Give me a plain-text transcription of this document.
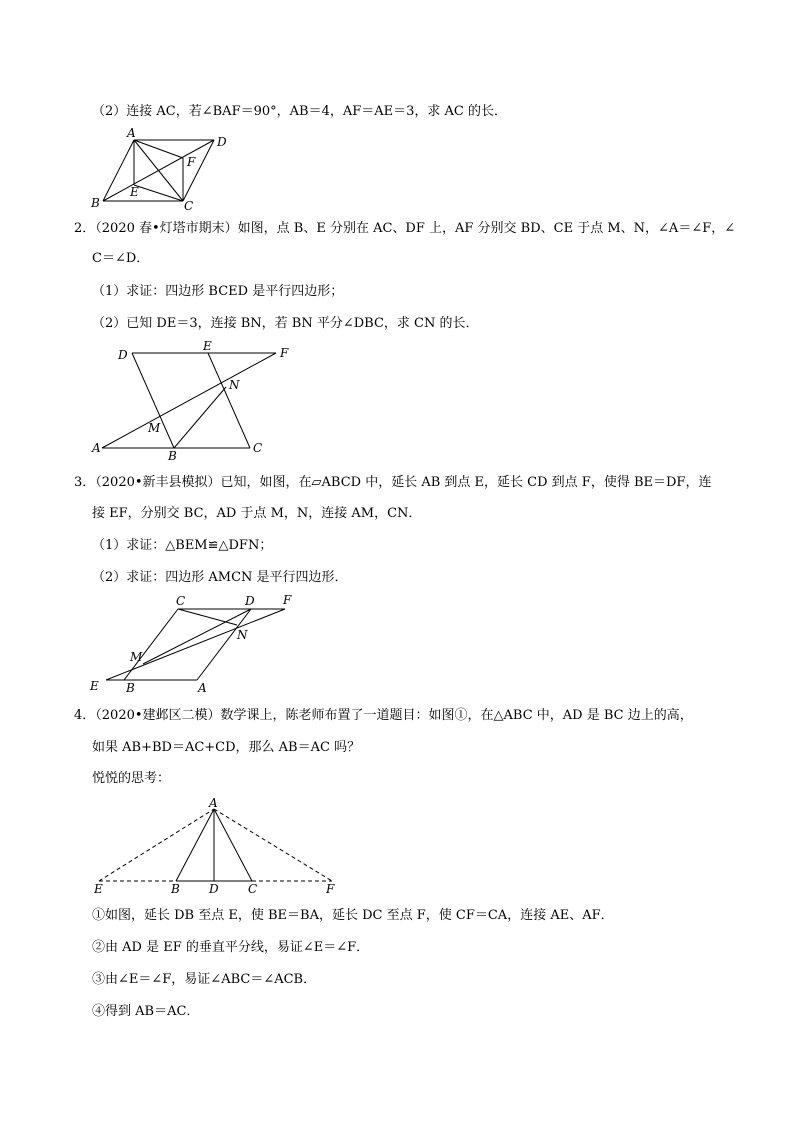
（2）连接 AC，若∠BAF＝90°，AB＝4，AF＝AE＝3，求 AC 的长．
A
D
F
E
B	C
2．（2020 春•灯塔市期末）如图，点 B、E 分别在 AC、DF 上，AF 分别交 BD、CE 于点 M、N，∠A＝∠F，∠
C＝∠D．
（1）求证：四边形 BCED 是平行四边形；
（2）已知 DE＝3，连接 BN，若 BN 平分∠DBC，求 CN 的长．
D
E	F
N
M
A
B
C
3．（2020•新丰县模拟）已知，如图，在▱ABCD 中，延长 AB 到点 E，延长 CD 到点 F，使得 BE＝DF，连
接 EF，分别交 BC，AD 于点 M，N，连接 AM，CN．
（1）求证：△BEM≌△DFN；
（2）求证：四边形 AMCN 是平行四边形．
C	D F
N
M
E B	A
4．（2020•建邺区二模）数学课上，陈老师布置了一道题目：如图①，在△ABC 中，AD 是 BC 边上的高，
如果 AB+BD＝AC+CD，那么 AB＝AC 吗？
悦悦的思考：
A
E	B D C	F
①如图，延长 DB 至点 E，使 BE＝BA，延长 DC 至点 F，使 CF＝CA，连接 AE、AF．
②由 AD 是 EF 的垂直平分线，易证∠E＝∠F．
③由∠E＝∠F，易证∠ABC＝∠ACB．
④得到 AB＝AC．
